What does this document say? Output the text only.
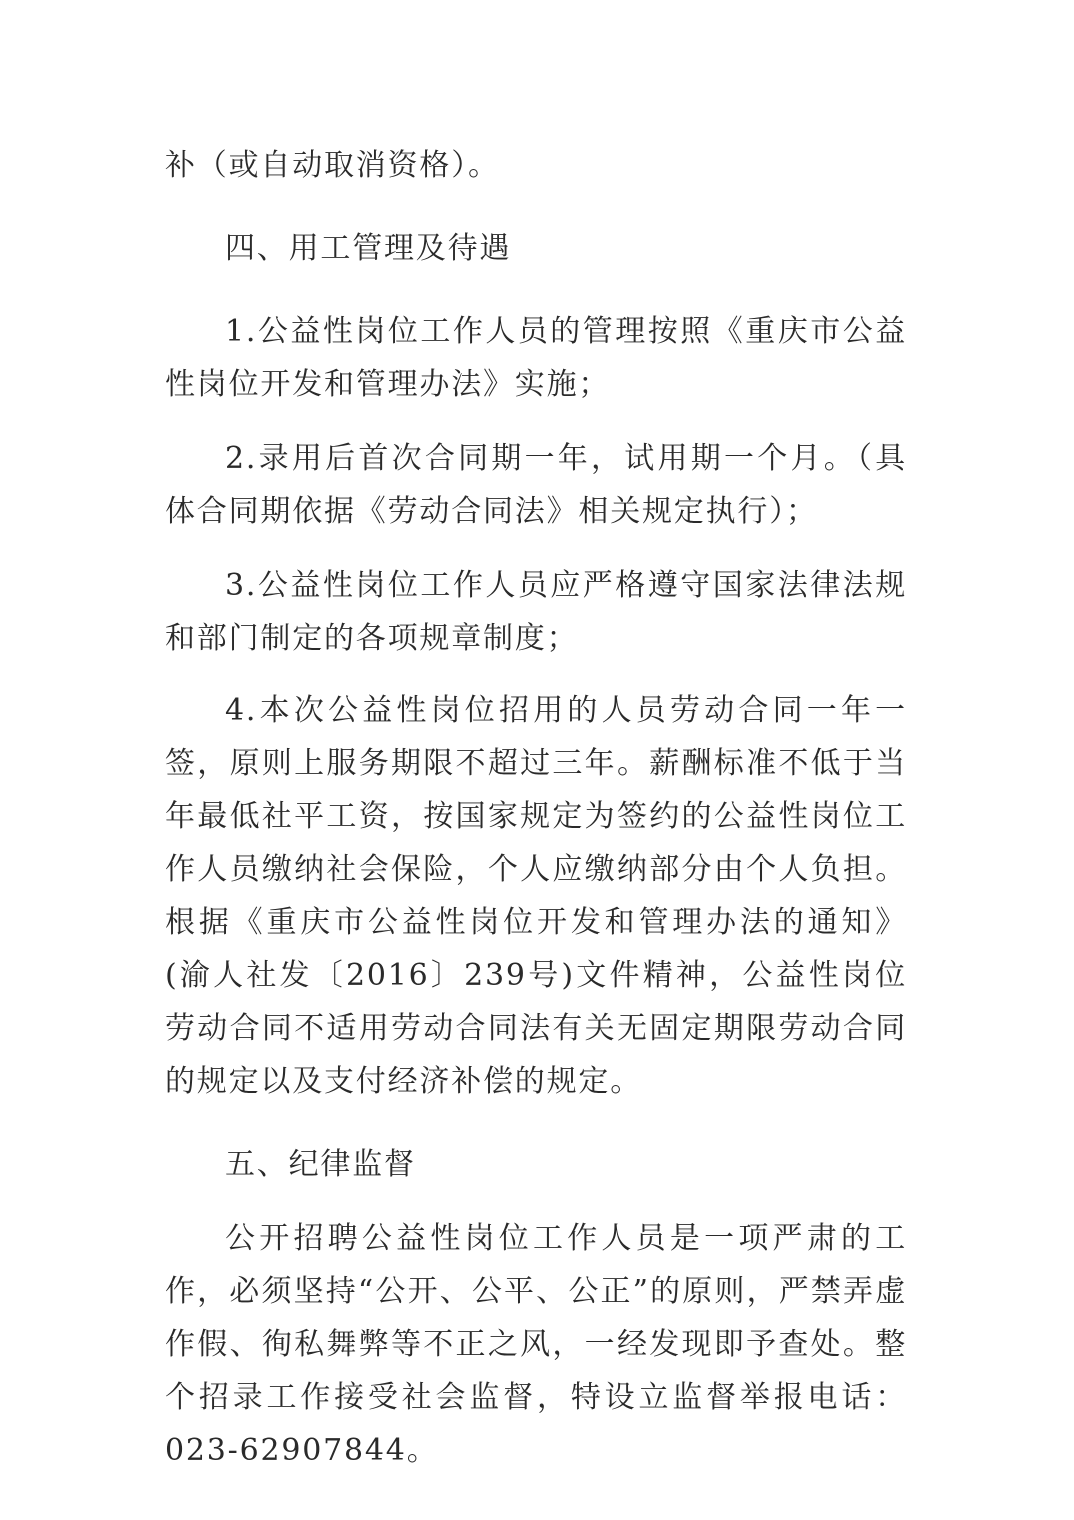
补（或自动取消资格）。

四、用工管理及待遇

1.公益性岗位工作人员的管理按照《重庆市公益性岗位开发和管理办法》实施；

2.录用后首次合同期一年，试用期一个月。（具体合同期依据《劳动合同法》相关规定执行）；

3.公益性岗位工作人员应严格遵守国家法律法规和部门制定的各项规章制度；

4.本次公益性岗位招用的人员劳动合同一年一签，原则上服务期限不超过三年。薪酬标准不低于当年最低社平工资，按国家规定为签约的公益性岗位工作人员缴纳社会保险，个人应缴纳部分由个人负担。根据《重庆市公益性岗位开发和管理办法的通知》(渝人社发〔2016〕239号)文件精神，公益性岗位劳动合同不适用劳动合同法有关无固定期限劳动合同的规定以及支付经济补偿的规定。

五、纪律监督

公开招聘公益性岗位工作人员是一项严肃的工作，必须坚持“公开、公平、公正”的原则，严禁弄虚作假、徇私舞弊等不正之风，一经发现即予查处。整个招录工作接受社会监督，特设立监督举报电话：023-62907844。
